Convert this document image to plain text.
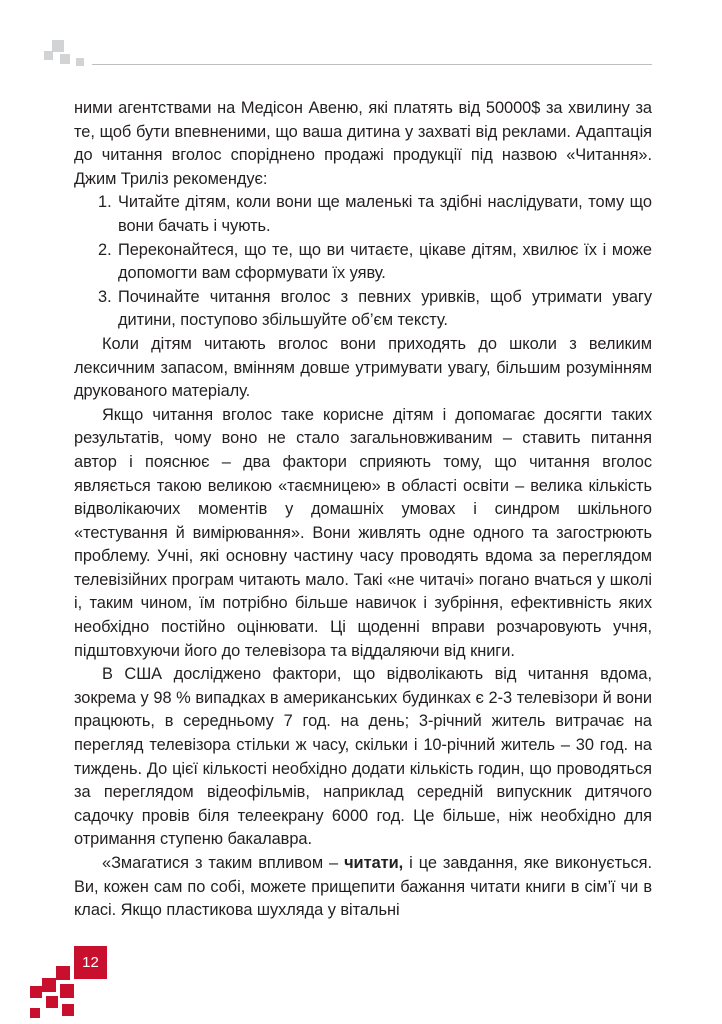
ними агентствами на Медісон Авеню, які платять від 50000$ за хвилину за те, щоб бути впевненими, що ваша дитина у захваті від реклами. Адаптація до читання вголос споріднено продажі продукції під назвою «Читання». Джим Триліз рекомендує:

1. Читайте дітям, коли вони ще маленькі та здібні наслідувати, тому що вони бачать і чують.
2. Переконайтеся, що те, що ви читаєте, цікаве дітям, хвилює їх і може допомогти вам сформувати їх уяву.
3. Починайте читання вголос з певних уривків, щоб утримати увагу дитини, поступово збільшуйте об’єм тексту.

Коли дітям читають вголос вони приходять до школи з великим лексичним запасом, вмінням довше утримувати увагу, більшим розумінням друкованого матеріалу.

Якщо читання вголос таке корисне дітям і допомагає досягти таких результатів, чому воно не стало загальновживаним – ставить питання автор і пояснює – два фактори сприяють тому, що читання вголос являється такою великою «таємницею» в області освіти – велика кількість відволікаючих моментів у домашніх умовах і синдром шкільного «тестування й вимірювання». Вони живлять одне одного та загострюють проблему. Учні, які основну частину часу проводять вдома за переглядом телевізійних програм читають мало. Такі «не читачі» погано вчаться у школі і, таким чином, їм потрібно більше навичок і зубріння, ефективність яких необхідно постійно оцінювати. Ці щоденні вправи розчаровують учня, підштовхуючи його до телевізора та віддаляючи від книги.

В США досліджено фактори, що відволікають від читання вдома, зокрема у 98 % випадках в американських будинках є 2-3 телевізори й вони працюють, в середньому 7 год. на день; 3-річний житель витрачає на перегляд телевізора стільки ж часу, скільки і 10-річний житель – 30 год. на тиждень. До цієї кількості необхідно додати кількість годин, що проводяться за переглядом відеофільмів, наприклад середній випускник дитячого садочку провів біля телеекрану 6000 год. Це більше, ніж необхідно для отримання ступеню бакалавра.

«Змагатися з таким впливом – читати, і це завдання, яке виконується. Ви, кожен сам по собі, можете прищепити бажання читати книги в сім’ї чи в класі. Якщо пластикова шухляда у вітальні

12
